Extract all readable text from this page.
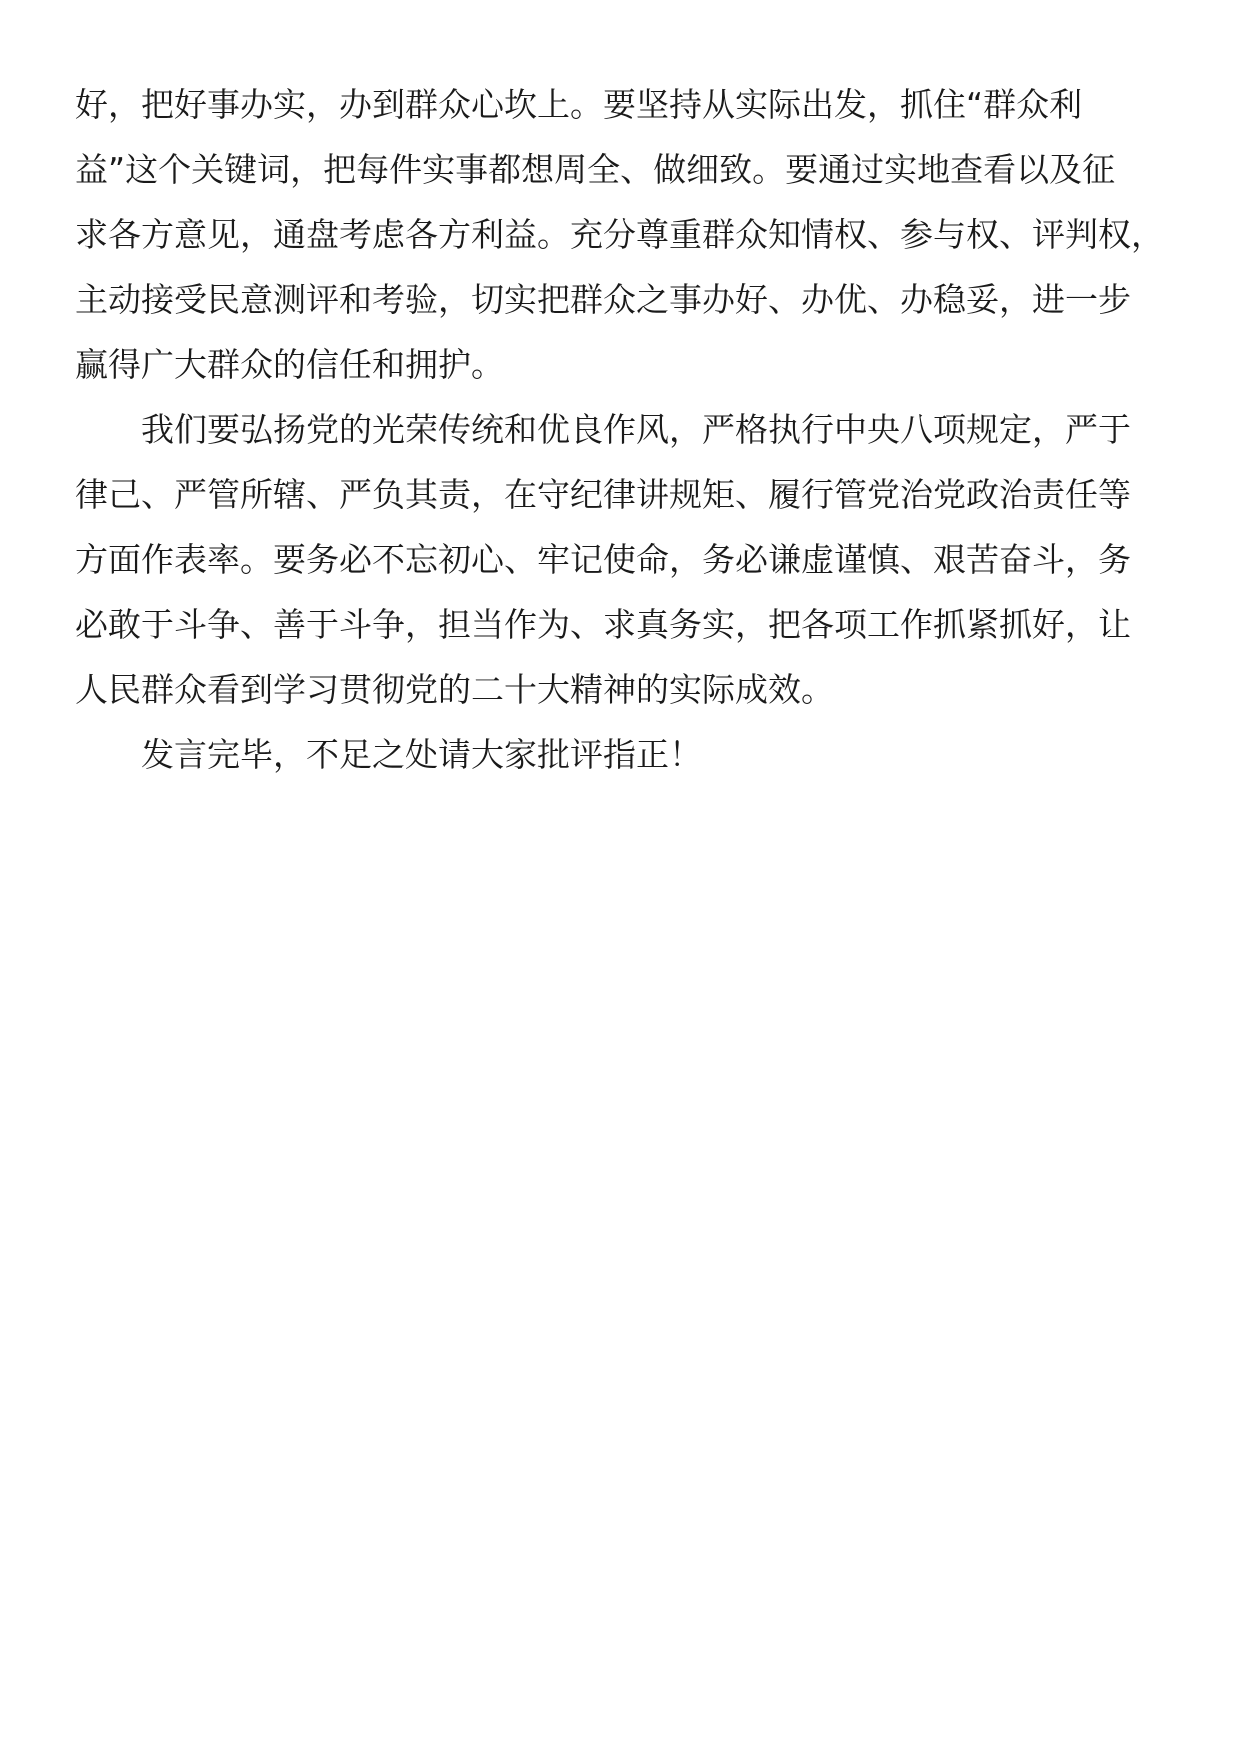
好，把好事办实，办到群众心坎上。要坚持从实际出发，抓住“群众利
益”这个关键词，把每件实事都想周全、做细致。要通过实地查看以及征
求各方意见，通盘考虑各方利益。充分尊重群众知情权、参与权、评判权，
主动接受民意测评和考验，切实把群众之事办好、办优、办稳妥，进一步
赢得广大群众的信任和拥护。
我们要弘扬党的光荣传统和优良作风，严格执行中央八项规定，严于
律己、严管所辖、严负其责，在守纪律讲规矩、履行管党治党政治责任等
方面作表率。要务必不忘初心、牢记使命，务必谦虚谨慎、艰苦奋斗，务
必敢于斗争、善于斗争，担当作为、求真务实，把各项工作抓紧抓好，让
人民群众看到学习贯彻党的二十大精神的实际成效。
发言完毕，不足之处请大家批评指正！
